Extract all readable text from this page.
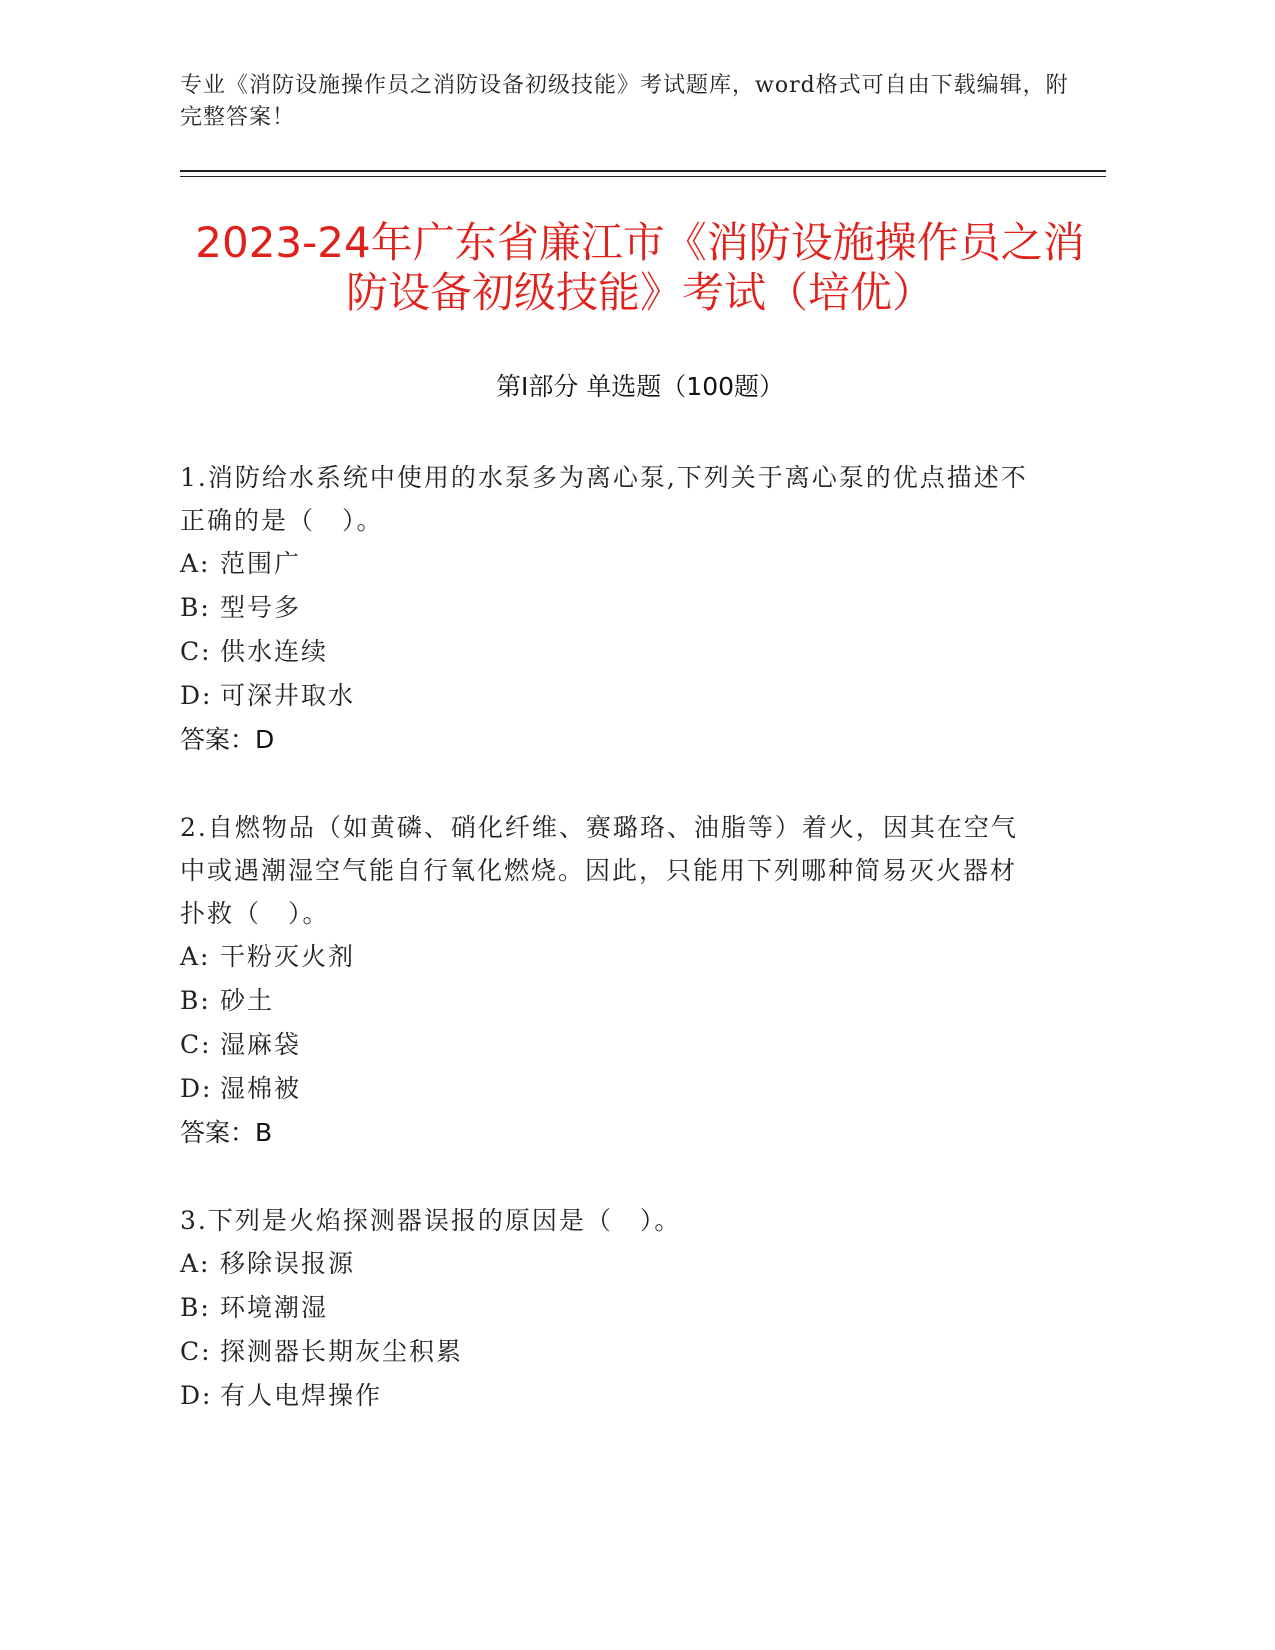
专业《消防设施操作员之消防设备初级技能》考试题库，word格式可自由下载编辑，附完整答案！
2023-24年广东省廉江市《消防设施操作员之消防设备初级技能》考试（培优）
第Ⅰ部分 单选题（100题）
1.消防给水系统中使用的水泵多为离心泵,下列关于离心泵的优点描述不正确的是（　）。
A: 范围广
B: 型号多
C: 供水连续
D: 可深井取水
答案：D
2.自燃物品（如黄磷、硝化纤维、赛璐珞、油脂等）着火，因其在空气中或遇潮湿空气能自行氧化燃烧。因此，只能用下列哪种简易灭火器材扑救（　）。
A: 干粉灭火剂
B: 砂土
C: 湿麻袋
D: 湿棉被
答案：B
3.下列是火焰探测器误报的原因是（　）。
A: 移除误报源
B: 环境潮湿
C: 探测器长期灰尘积累
D: 有人电焊操作
